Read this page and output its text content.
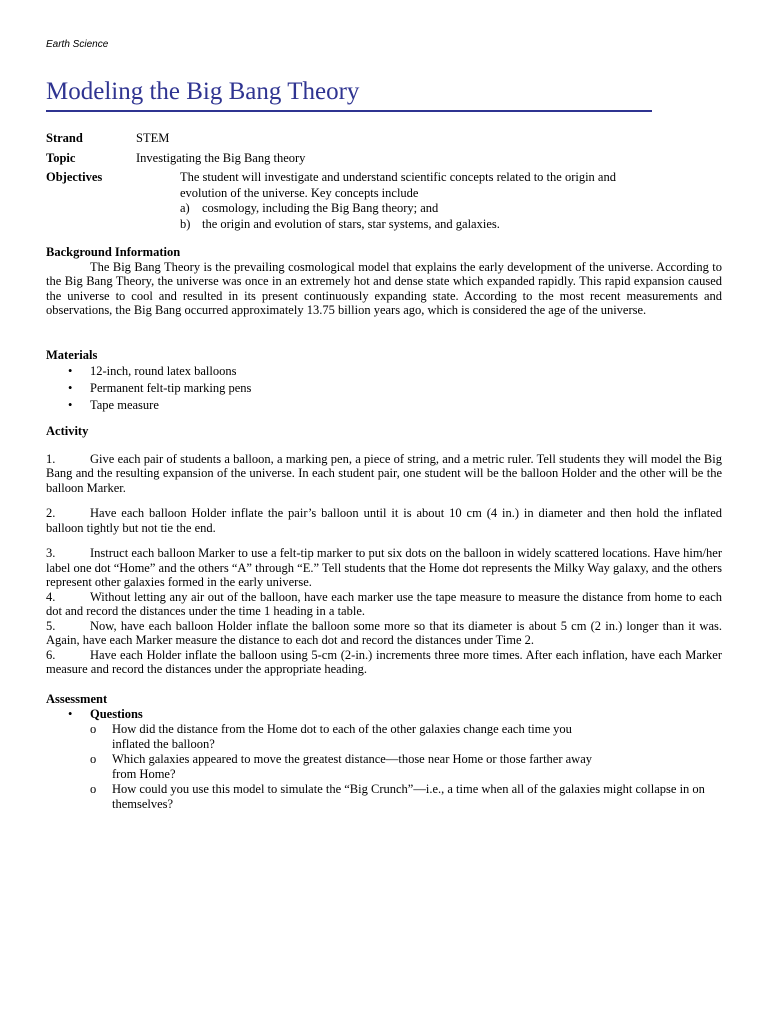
Earth Science
Modeling the Big Bang Theory
Strand	STEM
Topic	Investigating the Big Bang theory
Objectives	The student will investigate and understand scientific concepts related to the origin and evolution of the universe. Key concepts include
a) cosmology, including the Big Bang theory; and
b) the origin and evolution of stars, star systems, and galaxies.
Background Information
The Big Bang Theory is the prevailing cosmological model that explains the early development of the universe. According to the Big Bang Theory, the universe was once in an extremely hot and dense state which expanded rapidly. This rapid expansion caused the universe to cool and resulted in its present continuously expanding state. According to the most recent measurements and observations, the Big Bang occurred approximately 13.75 billion years ago, which is considered the age of the universe.
Materials
•	12-inch, round latex balloons
•	Permanent felt-tip marking pens
•	Tape measure
Activity
1.	Give each pair of students a balloon, a marking pen, a piece of string, and a metric ruler. Tell students they will model the Big Bang and the resulting expansion of the universe. In each student pair, one student will be the balloon Holder and the other will be the balloon Marker.
2.	Have each balloon Holder inflate the pair’s balloon until it is about 10 cm (4 in.) in diameter and then hold the inflated balloon tightly but not tie the end.
3.	Instruct each balloon Marker to use a felt-tip marker to put six dots on the balloon in widely scattered locations. Have him/her label one dot “Home” and the others “A” through “E.” Tell students that the Home dot represents the Milky Way galaxy, and the others represent other galaxies formed in the early universe.
4.	Without letting any air out of the balloon, have each marker use the tape measure to measure the distance from home to each dot and record the distances under the time 1 heading in a table.
5.	Now, have each balloon Holder inflate the balloon some more so that its diameter is about 5 cm (2 in.) longer than it was. Again, have each Marker measure the distance to each dot and record the distances under Time 2.
6.	Have each Holder inflate the balloon using 5-cm (2-in.) increments three more times. After each inflation, have each Marker measure and record the distances under the appropriate heading.
Assessment
•	Questions
o	How did the distance from the Home dot to each of the other galaxies change each time you inflated the balloon?
o	Which galaxies appeared to move the greatest distance—those near Home or those farther away from Home?
o	How could you use this model to simulate the “Big Crunch”—i.e., a time when all of the galaxies might collapse in on themselves?
